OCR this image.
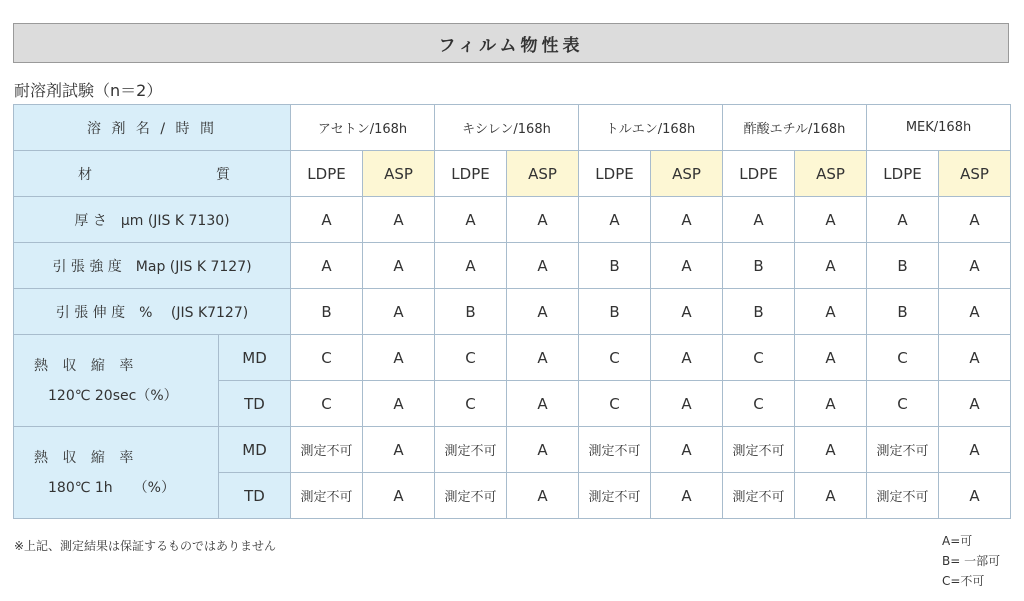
フィルム物性表
耐溶剤試験（n＝2）
溶 剤 名 / 時 間		アセトン/168h		キシレン/168h		トルエン/168h		酢酸エチル/168h		MEK/168h	

材 質		LDPE	ASP	LDPE	ASP	LDPE	ASP	LDPE	ASP	LDPE	ASP
厚 さ　μm (JIS K 7130)		A	A	A	A	A	A	A	A	A	A
引 張 強 度　Map (JIS K 7127)		A	A	A	A	B	A	B	A	B	A
引 張 伸 度　%　 (JIS K7127)		B	A	B	A	B	A	B	A	B	A

熱 収 縮 率
120℃ 20sec（%）	MD	C	A	C	A	C	A	C	A	C	A
	TD	C	A	C	A	C	A	C	A	C	A

熱 収 縮 率
180℃ 1h　　（%）	MD	測定不可	A	測定不可	A	測定不可	A	測定不可	A	測定不可	A
	TD	測定不可	A	測定不可	A	測定不可	A	測定不可	A	測定不可	A
※上記、測定結果は保証するものではありません	A=可
B= 一部可
C=不可
